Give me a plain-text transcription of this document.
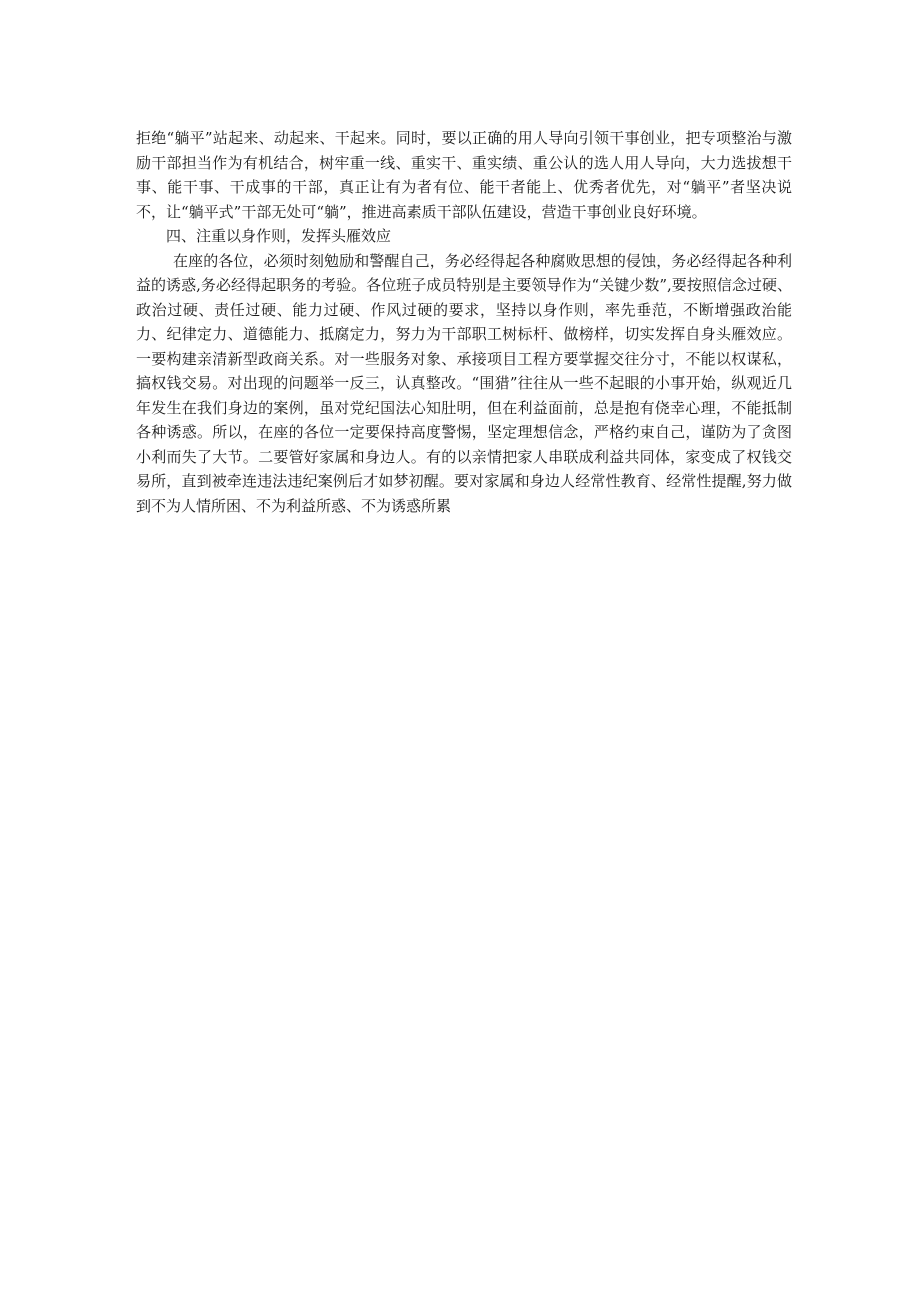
拒绝“躺平”站起来、动起来、干起来。同时，要以正确的用人导向引领干事创业，把专项整治与激励干部担当作为有机结合，树牢重一线、重实干、重实绩、重公认的选人用人导向，大力选拔想干事、能干事、干成事的干部，真正让有为者有位、能干者能上、优秀者优先，对“躺平”者坚决说不，让“躺平式”干部无处可“躺”，推进高素质干部队伍建设，营造干事创业良好环境。

四、注重以身作则，发挥头雁效应

在座的各位，必须时刻勉励和警醒自己，务必经得起各种腐败思想的侵蚀，务必经得起各种利益的诱惑,务必经得起职务的考验。各位班子成员特别是主要领导作为“关键少数”,要按照信念过硬、政治过硬、责任过硬、能力过硬、作风过硬的要求，坚持以身作则，率先垂范，不断增强政治能力、纪律定力、道德能力、抵腐定力，努力为干部职工树标杆、做榜样，切实发挥自身头雁效应。一要构建亲清新型政商关系。对一些服务对象、承接项目工程方要掌握交往分寸，不能以权谋私，搞权钱交易。对出现的问题举一反三，认真整改。“围猎”往往从一些不起眼的小事开始，纵观近几年发生在我们身边的案例，虽对党纪国法心知肚明，但在利益面前，总是抱有侥幸心理，不能抵制各种诱惑。所以，在座的各位一定要保持高度警惕，坚定理想信念，严格约束自己，谨防为了贪图小利而失了大节。二要管好家属和身边人。有的以亲情把家人串联成利益共同体，家变成了权钱交易所，直到被牵连违法违纪案例后才如梦初醒。要对家属和身边人经常性教育、经常性提醒,努力做到不为人情所困、不为利益所惑、不为诱惑所累
